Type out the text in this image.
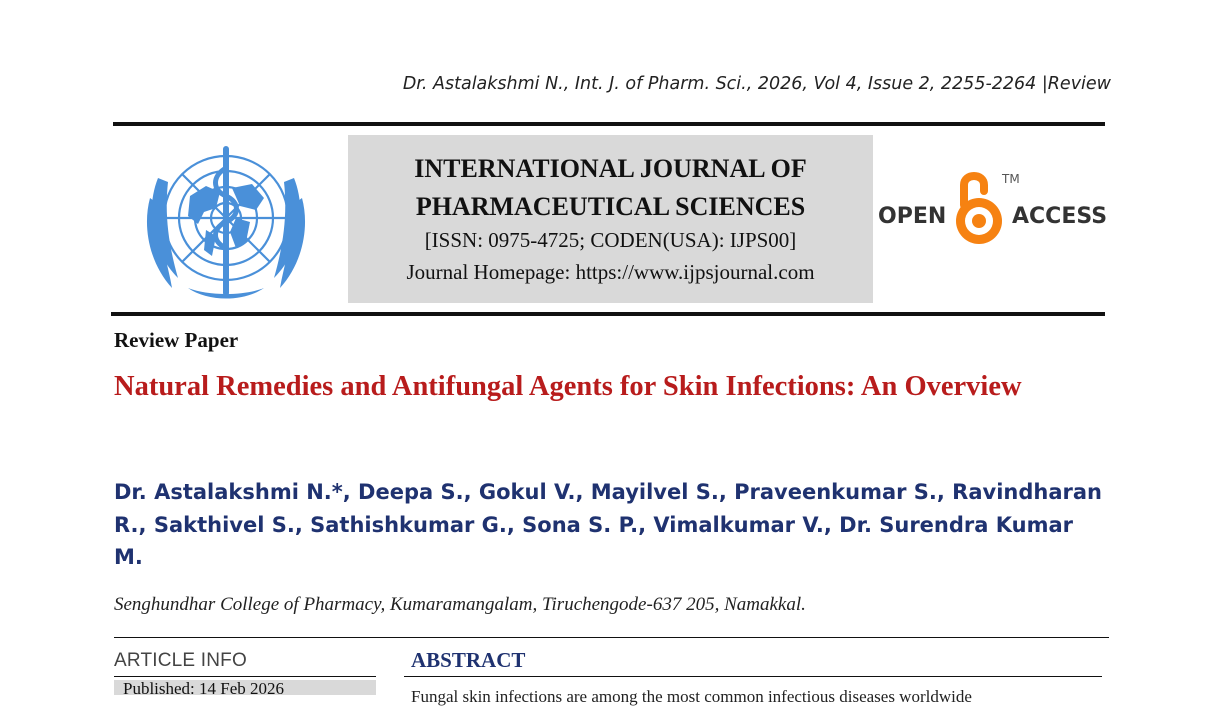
Dr. Astalakshmi N., Int. J. of Pharm. Sci., 2026, Vol 4, Issue 2, 2255-2264 |Review
INTERNATIONAL JOURNAL OF
PHARMACEUTICAL SCIENCES
[ISSN: 0975-4725; CODEN(USA): IJPS00]
Journal Homepage: https://www.ijpsjournal.com
OPEN	ACCESS
TM
Review Paper
Natural Remedies and Antifungal Agents for Skin Infections: An Overview
Dr. Astalakshmi N.*, Deepa S., Gokul V., Mayilvel S., Praveenkumar S., Ravindharan R., Sakthivel S., Sathishkumar G., Sona S. P., Vimalkumar V., Dr. Surendra Kumar M.
Senghundhar College of Pharmacy, Kumaramangalam, Tiruchengode-637 205, Namakkal.
ARTICLE INFO
Published: 14 Feb 2026
ABSTRACT
Fungal skin infections are among the most common infectious diseases worldwide
